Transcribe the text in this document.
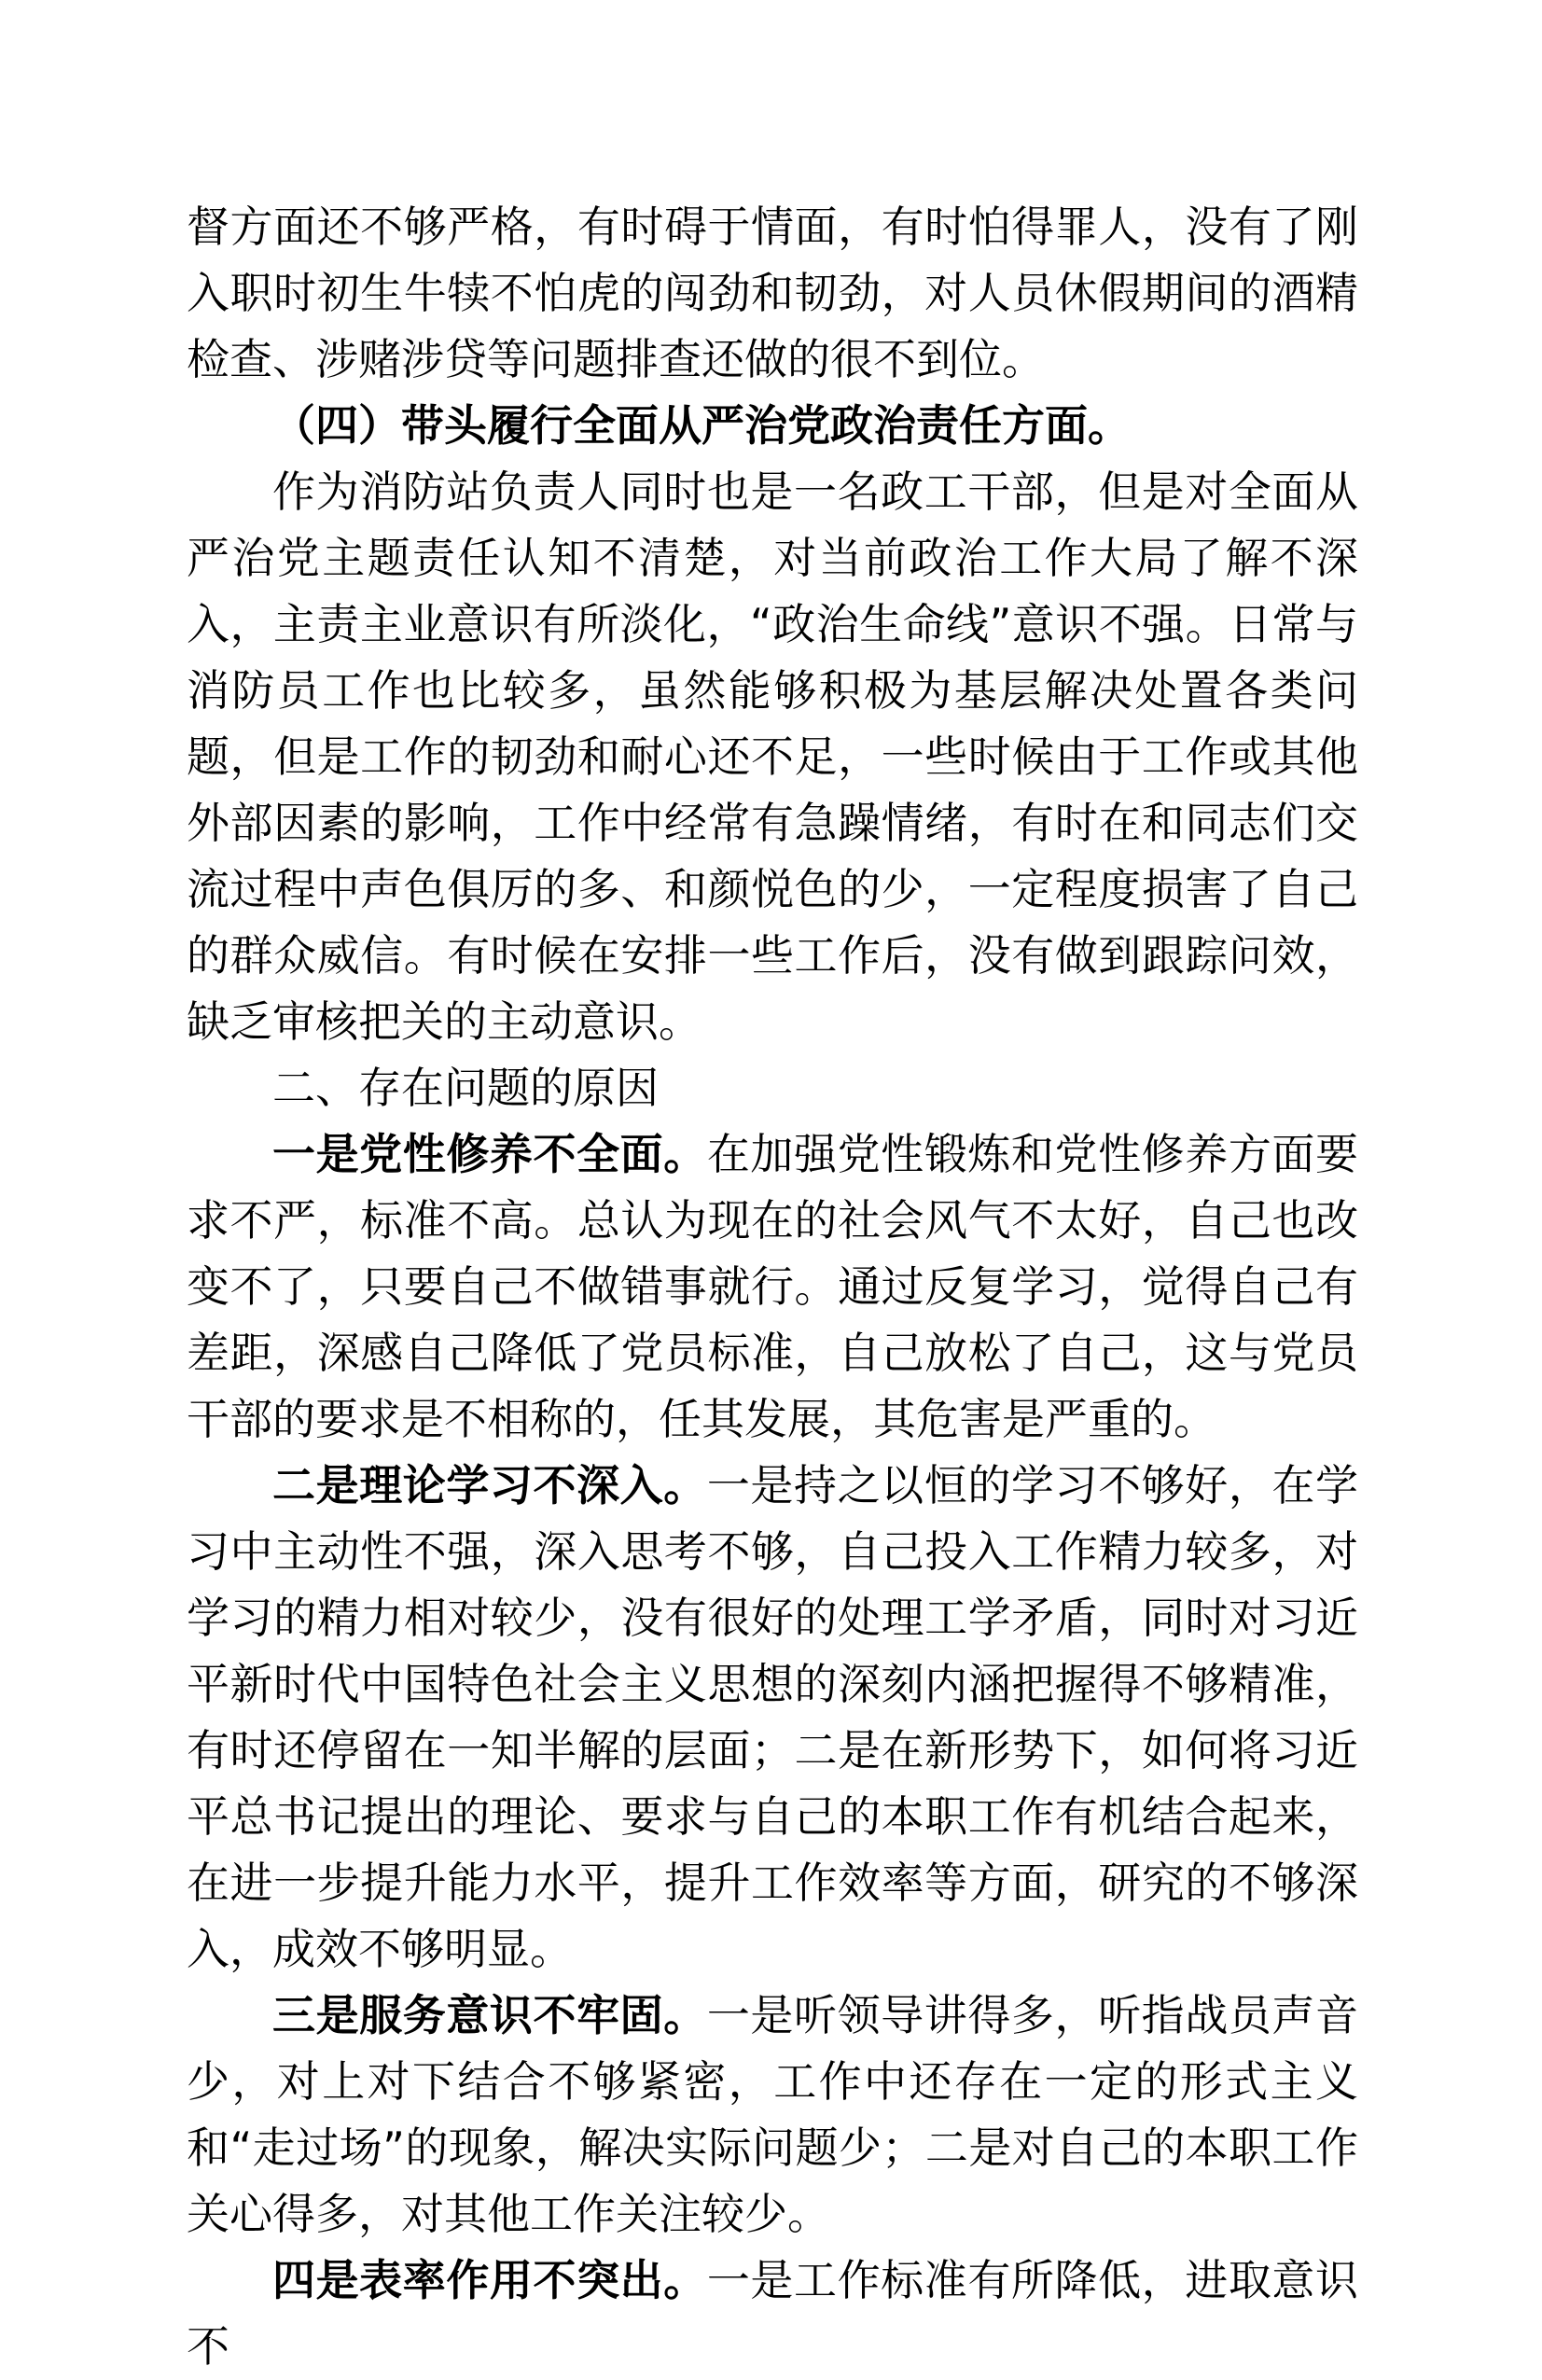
督方面还不够严格，有时碍于情面，有时怕得罪人，没有了刚入职时初生牛犊不怕虎的闯劲和韧劲，对人员休假期间的酒精检查、涉赌涉贷等问题排查还做的很不到位。

（四）带头履行全面从严治党政治责任方面。

作为消防站负责人同时也是一名政工干部，但是对全面从严治党主题责任认知不清楚，对当前政治工作大局了解不深入，主责主业意识有所淡化，“政治生命线”意识不强。日常与消防员工作也比较多，虽然能够积极为基层解决处置各类问题，但是工作的韧劲和耐心还不足，一些时候由于工作或其他外部因素的影响，工作中经常有急躁情绪，有时在和同志们交流过程中声色俱厉的多、和颜悦色的少，一定程度损害了自己的群众威信。有时候在安排一些工作后，没有做到跟踪问效，缺乏审核把关的主动意识。

二、存在问题的原因

一是党性修养不全面。在加强党性锻炼和党性修养方面要求不严，标准不高。总认为现在的社会风气不太好，自己也改变不了，只要自己不做错事就行。通过反复学习，觉得自己有差距，深感自己降低了党员标准，自己放松了自己，这与党员干部的要求是不相称的，任其发展，其危害是严重的。

二是理论学习不深入。一是持之以恒的学习不够好，在学习中主动性不强，深入思考不够，自己投入工作精力较多，对学习的精力相对较少，没有很好的处理工学矛盾，同时对习近平新时代中国特色社会主义思想的深刻内涵把握得不够精准，有时还停留在一知半解的层面；二是在新形势下，如何将习近平总书记提出的理论、要求与自己的本职工作有机结合起来，在进一步提升能力水平，提升工作效率等方面，研究的不够深入，成效不够明显。

三是服务意识不牢固。一是听领导讲得多，听指战员声音少，对上对下结合不够紧密，工作中还存在一定的形式主义和“走过场”的现象，解决实际问题少；二是对自己的本职工作关心得多，对其他工作关注较少。

四是表率作用不突出。一是工作标准有所降低，进取意识不
